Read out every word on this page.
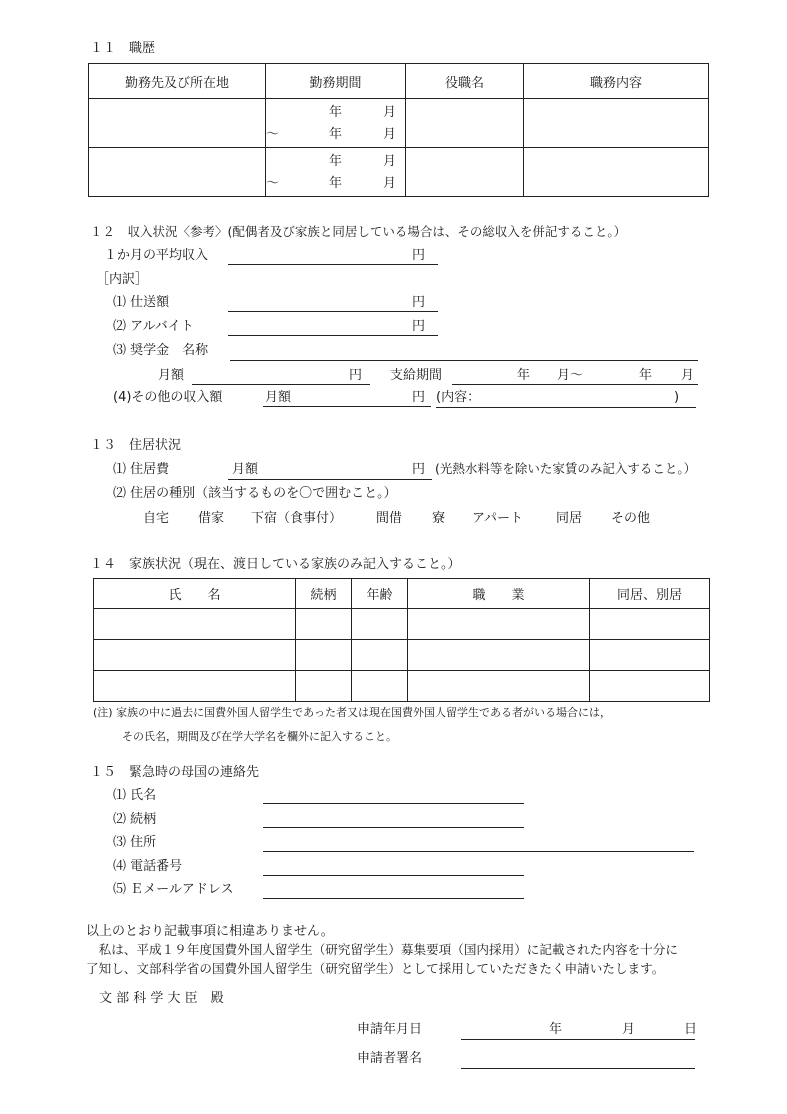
１１　職歴
勤務先及び所在地	勤務期間	役職名	職務内容

	年 月
～ 年 月		

	年 月
～ 年 月		

１２　収入状況〈参考〉(配偶者及び家族と同居している場合は、その総収入を併記すること。）
１か月の平均収入	円
［内訳］
⑴ 仕送額	円
⑵ アルバイト	円
⑶ 奨学金　名称
月額	円 支給期間	年 月～	年 月
(4)その他の収入額	月額	円 (内容：	)
１３　住居状況
⑴ 住居費	月額	円 (光熱水料等を除いた家賃のみ記入すること。）
⑵ 住居の種別（該当するものを〇で囲むこと。）
自宅 借家 下宿（食事付）	間借 寮 アパート	同居 その他
１４　家族状況（現在、渡日している家族のみ記入すること。）
氏　　名	続柄	年齢	職　　業	同居、別居

(注) 家族の中に過去に国費外国人留学生であった者又は現在国費外国人留学生である者がいる場合には，
その氏名，期間及び在学大学名を欄外に記入すること。
１５　緊急時の母国の連絡先
⑴ 氏名
⑵ 続柄
⑶ 住所
⑷ 電話番号
⑸ Ｅメールアドレス
以上のとおり記載事項に相違ありません。
　私は、平成１９年度国費外国人留学生（研究留学生）募集要項（国内採用）に記載された内容を十分に
了知し、文部科学省の国費外国人留学生（研究留学生）として採用していただきたく申請いたします。
文 部 科 学 大 臣　殿
申請年月日	年	月	日
申請者署名
